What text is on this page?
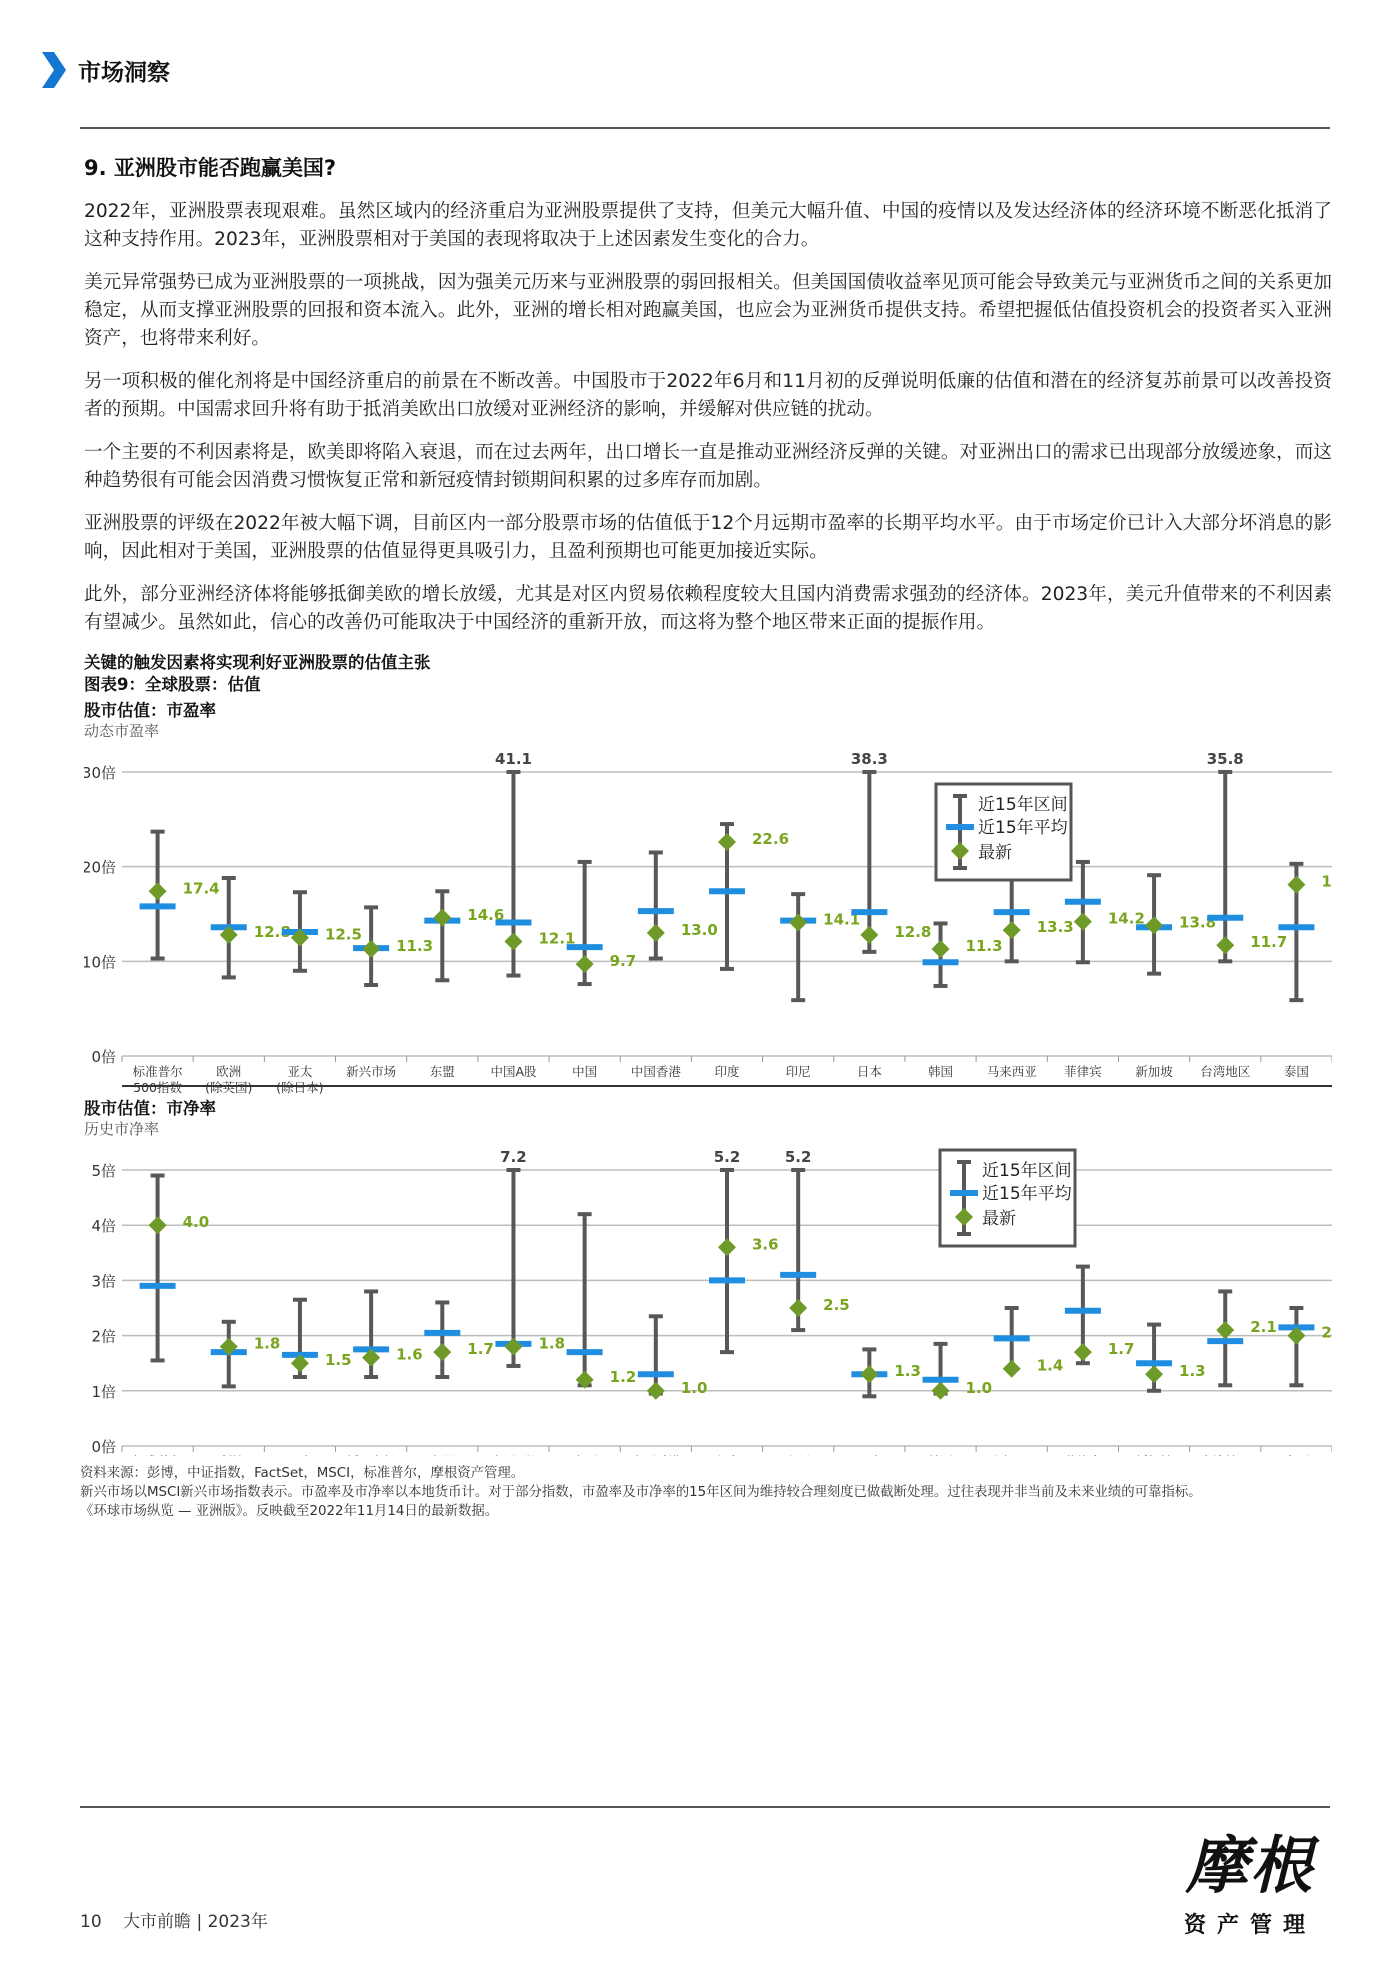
市场洞察
9. 亚洲股市能否跑赢美国?

2022年，亚洲股票表现艰难。虽然区域内的经济重启为亚洲股票提供了支持，但美元大幅升值、中国的疫情以及发达经济体的经济环境不断恶化抵消了这种支持作用。2023年，亚洲股票相对于美国的表现将取决于上述因素发生变化的合力。

美元异常强势已成为亚洲股票的一项挑战，因为强美元历来与亚洲股票的弱回报相关。但美国国债收益率见顶可能会导致美元与亚洲货币之间的关系更加稳定，从而支撑亚洲股票的回报和资本流入。此外，亚洲的增长相对跑赢美国，也应会为亚洲货币提供支持。希望把握低估值投资机会的投资者买入亚洲资产，也将带来利好。

另一项积极的催化剂将是中国经济重启的前景在不断改善。中国股市于2022年6月和11月初的反弹说明低廉的估值和潜在的经济复苏前景可以改善投资者的预期。中国需求回升将有助于抵消美欧出口放缓对亚洲经济的影响，并缓解对供应链的扰动。

一个主要的不利因素将是，欧美即将陷入衰退，而在过去两年，出口增长一直是推动亚洲经济反弹的关键。对亚洲出口的需求已出现部分放缓迹象，而这种趋势很有可能会因消费习惯恢复正常和新冠疫情封锁期间积累的过多库存而加剧。

亚洲股票的评级在2022年被大幅下调，目前区内一部分股票市场的估值低于12个月远期市盈率的长期平均水平。由于市场定价已计入大部分坏消息的影响，因此相对于美国，亚洲股票的估值显得更具吸引力，且盈利预期也可能更加接近实际。

此外，部分亚洲经济体将能够抵御美欧的增长放缓，尤其是对区内贸易依赖程度较大且国内消费需求强劲的经济体。2023年，美元升值带来的不利因素有望减少。虽然如此，信心的改善仍可能取决于中国经济的重新开放，而这将为整个地区带来正面的提振作用。

关键的触发因素将实现利好亚洲股票的估值主张
图表9：全球股票：估值
股市估值：市盈率
动态市盈率
0倍
10倍
20倍
30倍
标准普尔
500指数
17.4
欧洲
(除英国)
12.8
亚太
(除日本)
12.5
新兴市场
11.3
东盟
14.6
中国A股
12.1
中国
9.7
中国香港
13.0
印度
22.6
印尼
14.1
日本
12.8
韩国
11.3
马来西亚
13.3
菲律宾
14.2
新加坡
13.8
台湾地区
11.7
泰国
1
41.1	38.3	35.8
近15年区间
近15年平均
最新
股市估值：市净率
历史市净率
0倍
1倍
2倍
3倍
4倍
5倍
4.0
1.8
1.5	1.6	1.7	1.8
1.2
1.0
3.6
2.5
1.3
1.0
1.4
1.7
1.3
2.1	2
7.2	5.2	5.2
近15年区间
近15年平均
最新

资料来源：彭博，中证指数，FactSet，MSCI，标准普尔，摩根资产管理。

新兴市场以MSCI新兴市场指数表示。市盈率及市净率以本地货币计。对于部分指数，市盈率及市净率的15年区间为维持较合理刻度已做截断处理。过往表现并非当前及未来业绩的可靠指标。

《环球市场纵览 — 亚洲版》。反映截至2022年11月14日的最新数据。

10 大市前瞻 | 2023年
摩根
资产管理
